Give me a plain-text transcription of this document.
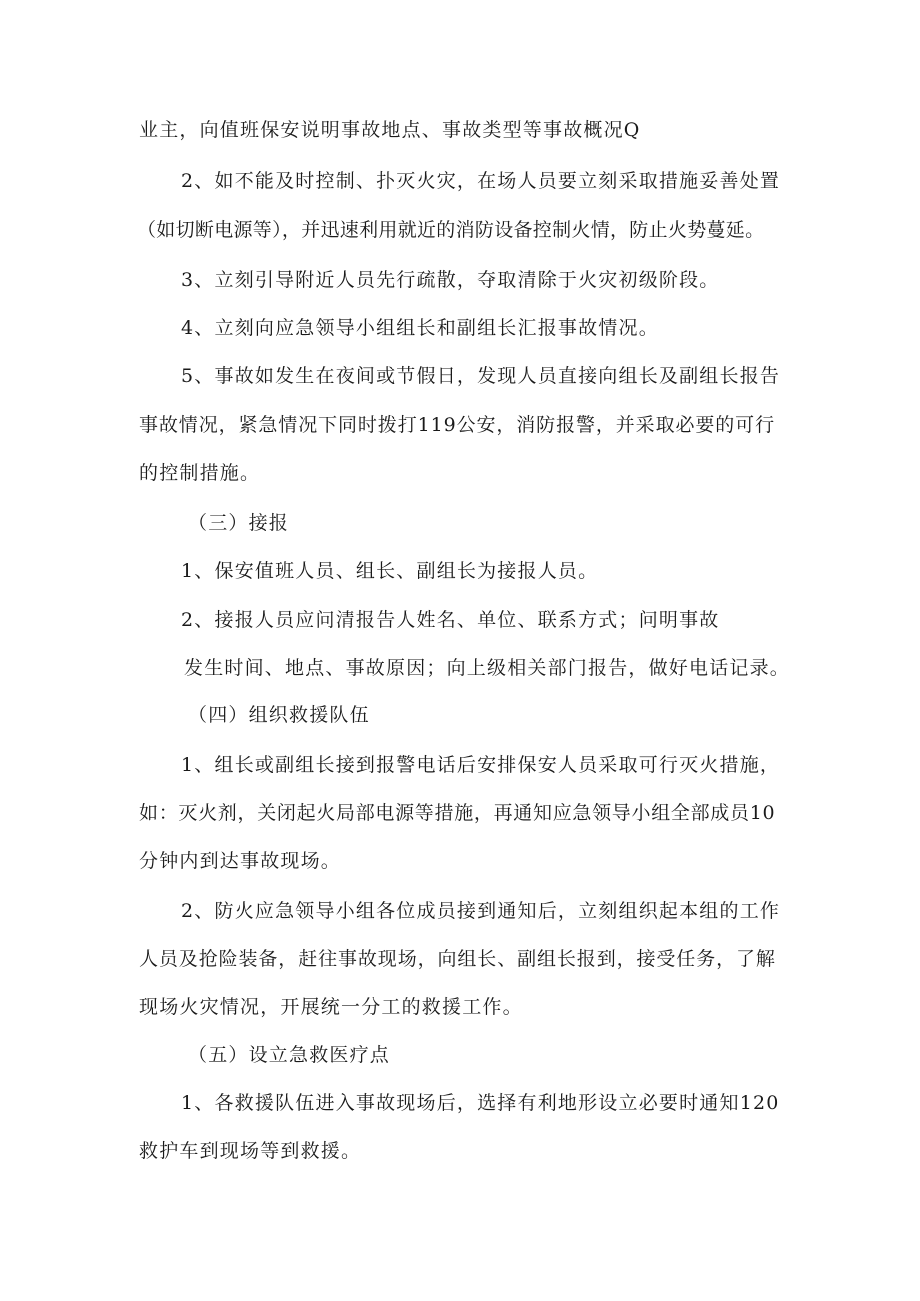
业主，向值班保安说明事故地点、事故类型等事故概况Q
2、如不能及时控制、扑灭火灾，在场人员要立刻采取措施妥善处置
（如切断电源等），并迅速利用就近的消防设备控制火情，防止火势蔓延。
3、立刻引导附近人员先行疏散，夺取清除于火灾初级阶段。
4、立刻向应急领导小组组长和副组长汇报事故情况。
5、事故如发生在夜间或节假日，发现人员直接向组长及副组长报告
事故情况，紧急情况下同时拨打119公安，消防报警，并采取必要的可行
的控制措施。
（三）接报
1、保安值班人员、组长、副组长为接报人员。
2、接报人员应问清报告人姓名、单位、联系方式；问明事故
发生时间、地点、事故原因；向上级相关部门报告，做好电话记录。
（四）组织救援队伍
1、组长或副组长接到报警电话后安排保安人员采取可行灭火措施，
如：灭火剂，关闭起火局部电源等措施，再通知应急领导小组全部成员10
分钟内到达事故现场。
2、防火应急领导小组各位成员接到通知后，立刻组织起本组的工作
人员及抢险装备，赶往事故现场，向组长、副组长报到，接受任务，了解
现场火灾情况，开展统一分工的救援工作。
（五）设立急救医疗点
1、各救援队伍进入事故现场后，选择有利地形设立必要时通知120
救护车到现场等到救援。
